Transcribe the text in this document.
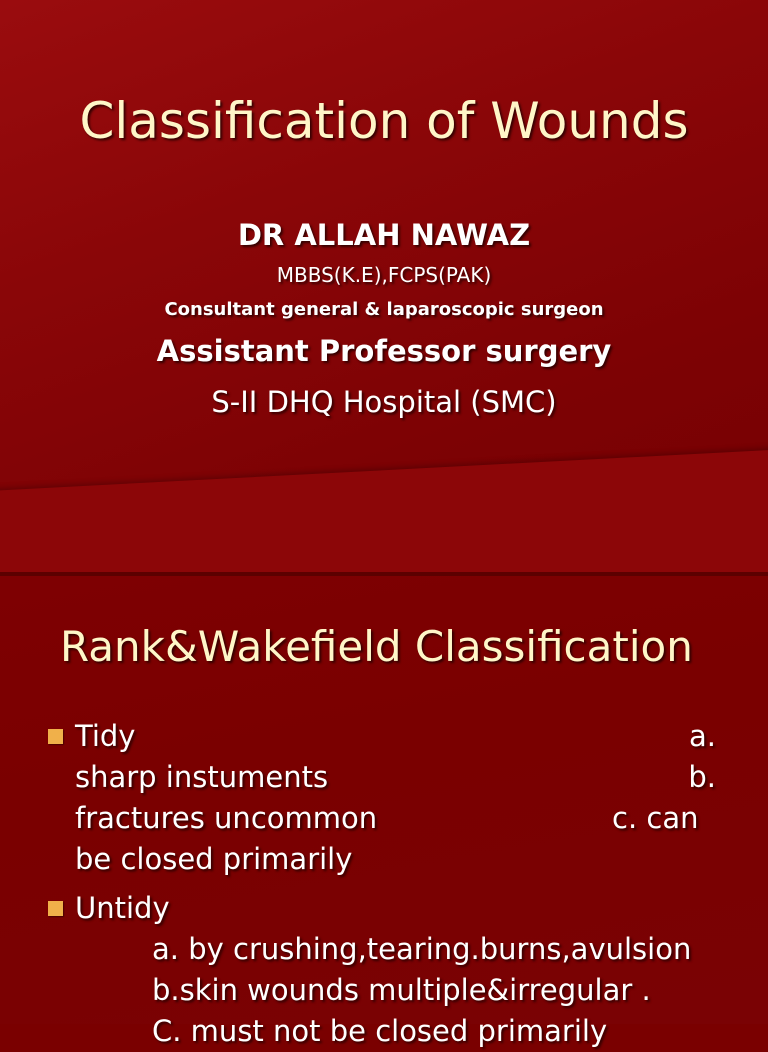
Classification of Wounds
DR ALLAH NAWAZ
MBBS(K.E),FCPS(PAK)
Consultant general & laparoscopic surgeon
Assistant Professor surgery
S-II DHQ Hospital (SMC)
Rank&Wakefield Classification
Tidy	a.
sharp instuments	b.
fractures uncommon	c. can
be closed primarily
Untidy
a. by crushing,tearing.burns,avulsion
b.skin wounds multiple&irregular .
C. must not be closed primarily
